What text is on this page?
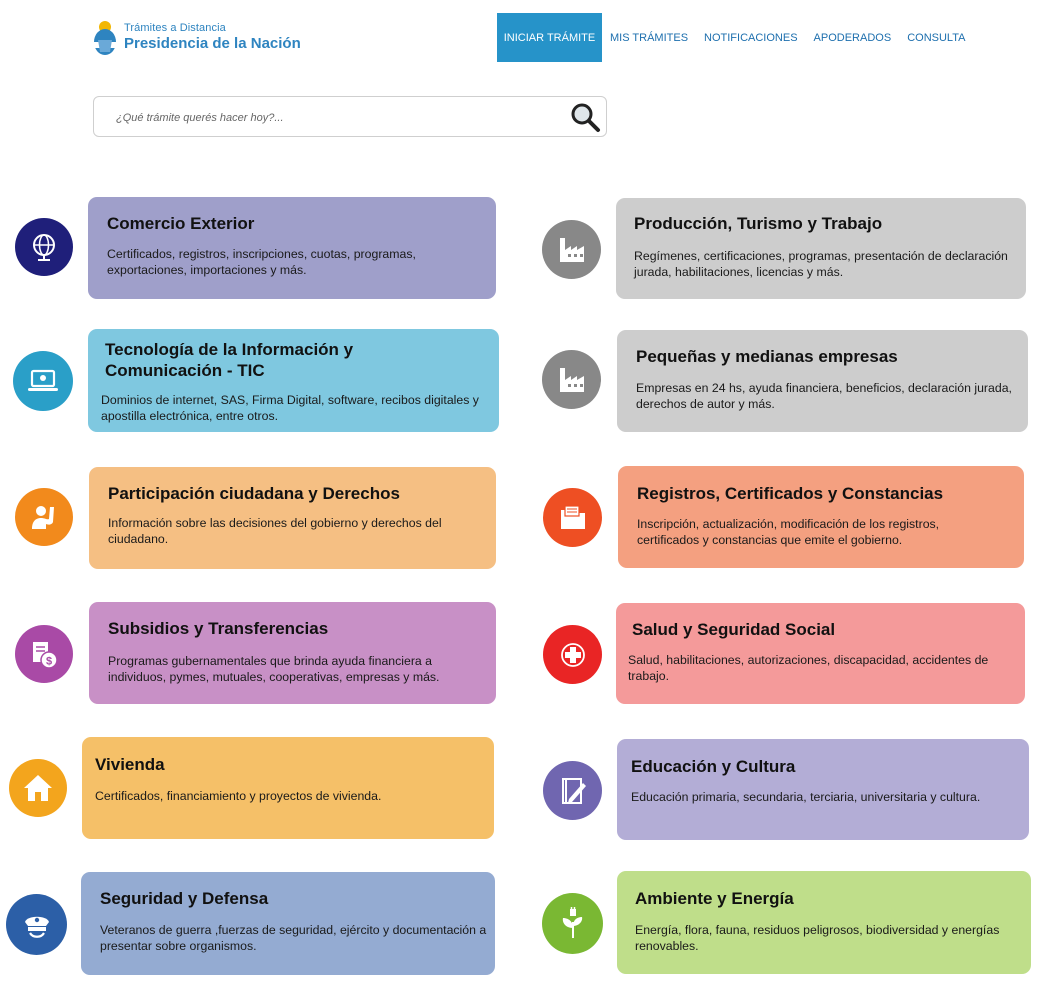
Trámites a Distancia
Presidencia de la Nación	INICIAR TRÁMITE	MIS TRÁMITES	NOTIFICACIONES	APODERADOS	CONSULTA
¿Qué trámite querés hacer hoy?...
Comercio Exterior
Certificados, registros, inscripciones, cuotas, programas, exportaciones, importaciones y más.
Producción, Turismo y Trabajo
Regímenes, certificaciones, programas, presentación de declaración jurada, habilitaciones, licencias y más.
Tecnología de la Información y Comunicación - TIC
Dominios de internet, SAS, Firma Digital, software, recibos digitales y apostilla electrónica, entre otros.
Pequeñas y medianas empresas
Empresas en 24 hs, ayuda financiera, beneficios, declaración jurada, derechos de autor y más.
Participación ciudadana y Derechos
Información sobre las decisiones del gobierno y derechos del ciudadano.
Registros, Certificados y Constancias
Inscripción, actualización, modificación de los registros, certificados y constancias que emite el gobierno.
$
Subsidios y Transferencias
Programas gubernamentales que brinda ayuda financiera a individuos, pymes, mutuales, cooperativas, empresas y más.
Salud y Seguridad Social
Salud, habilitaciones, autorizaciones, discapacidad, accidentes de trabajo.
Vivienda
Certificados, financiamiento y proyectos de vivienda.
Educación y Cultura
Educación primaria, secundaria, terciaria, universitaria y cultura.
Seguridad y Defensa
Veteranos de guerra ,fuerzas de seguridad, ejército y documentación a presentar sobre organismos.
Ambiente y Energía
Energía, flora, fauna, residuos peligrosos, biodiversidad y energías renovables.
